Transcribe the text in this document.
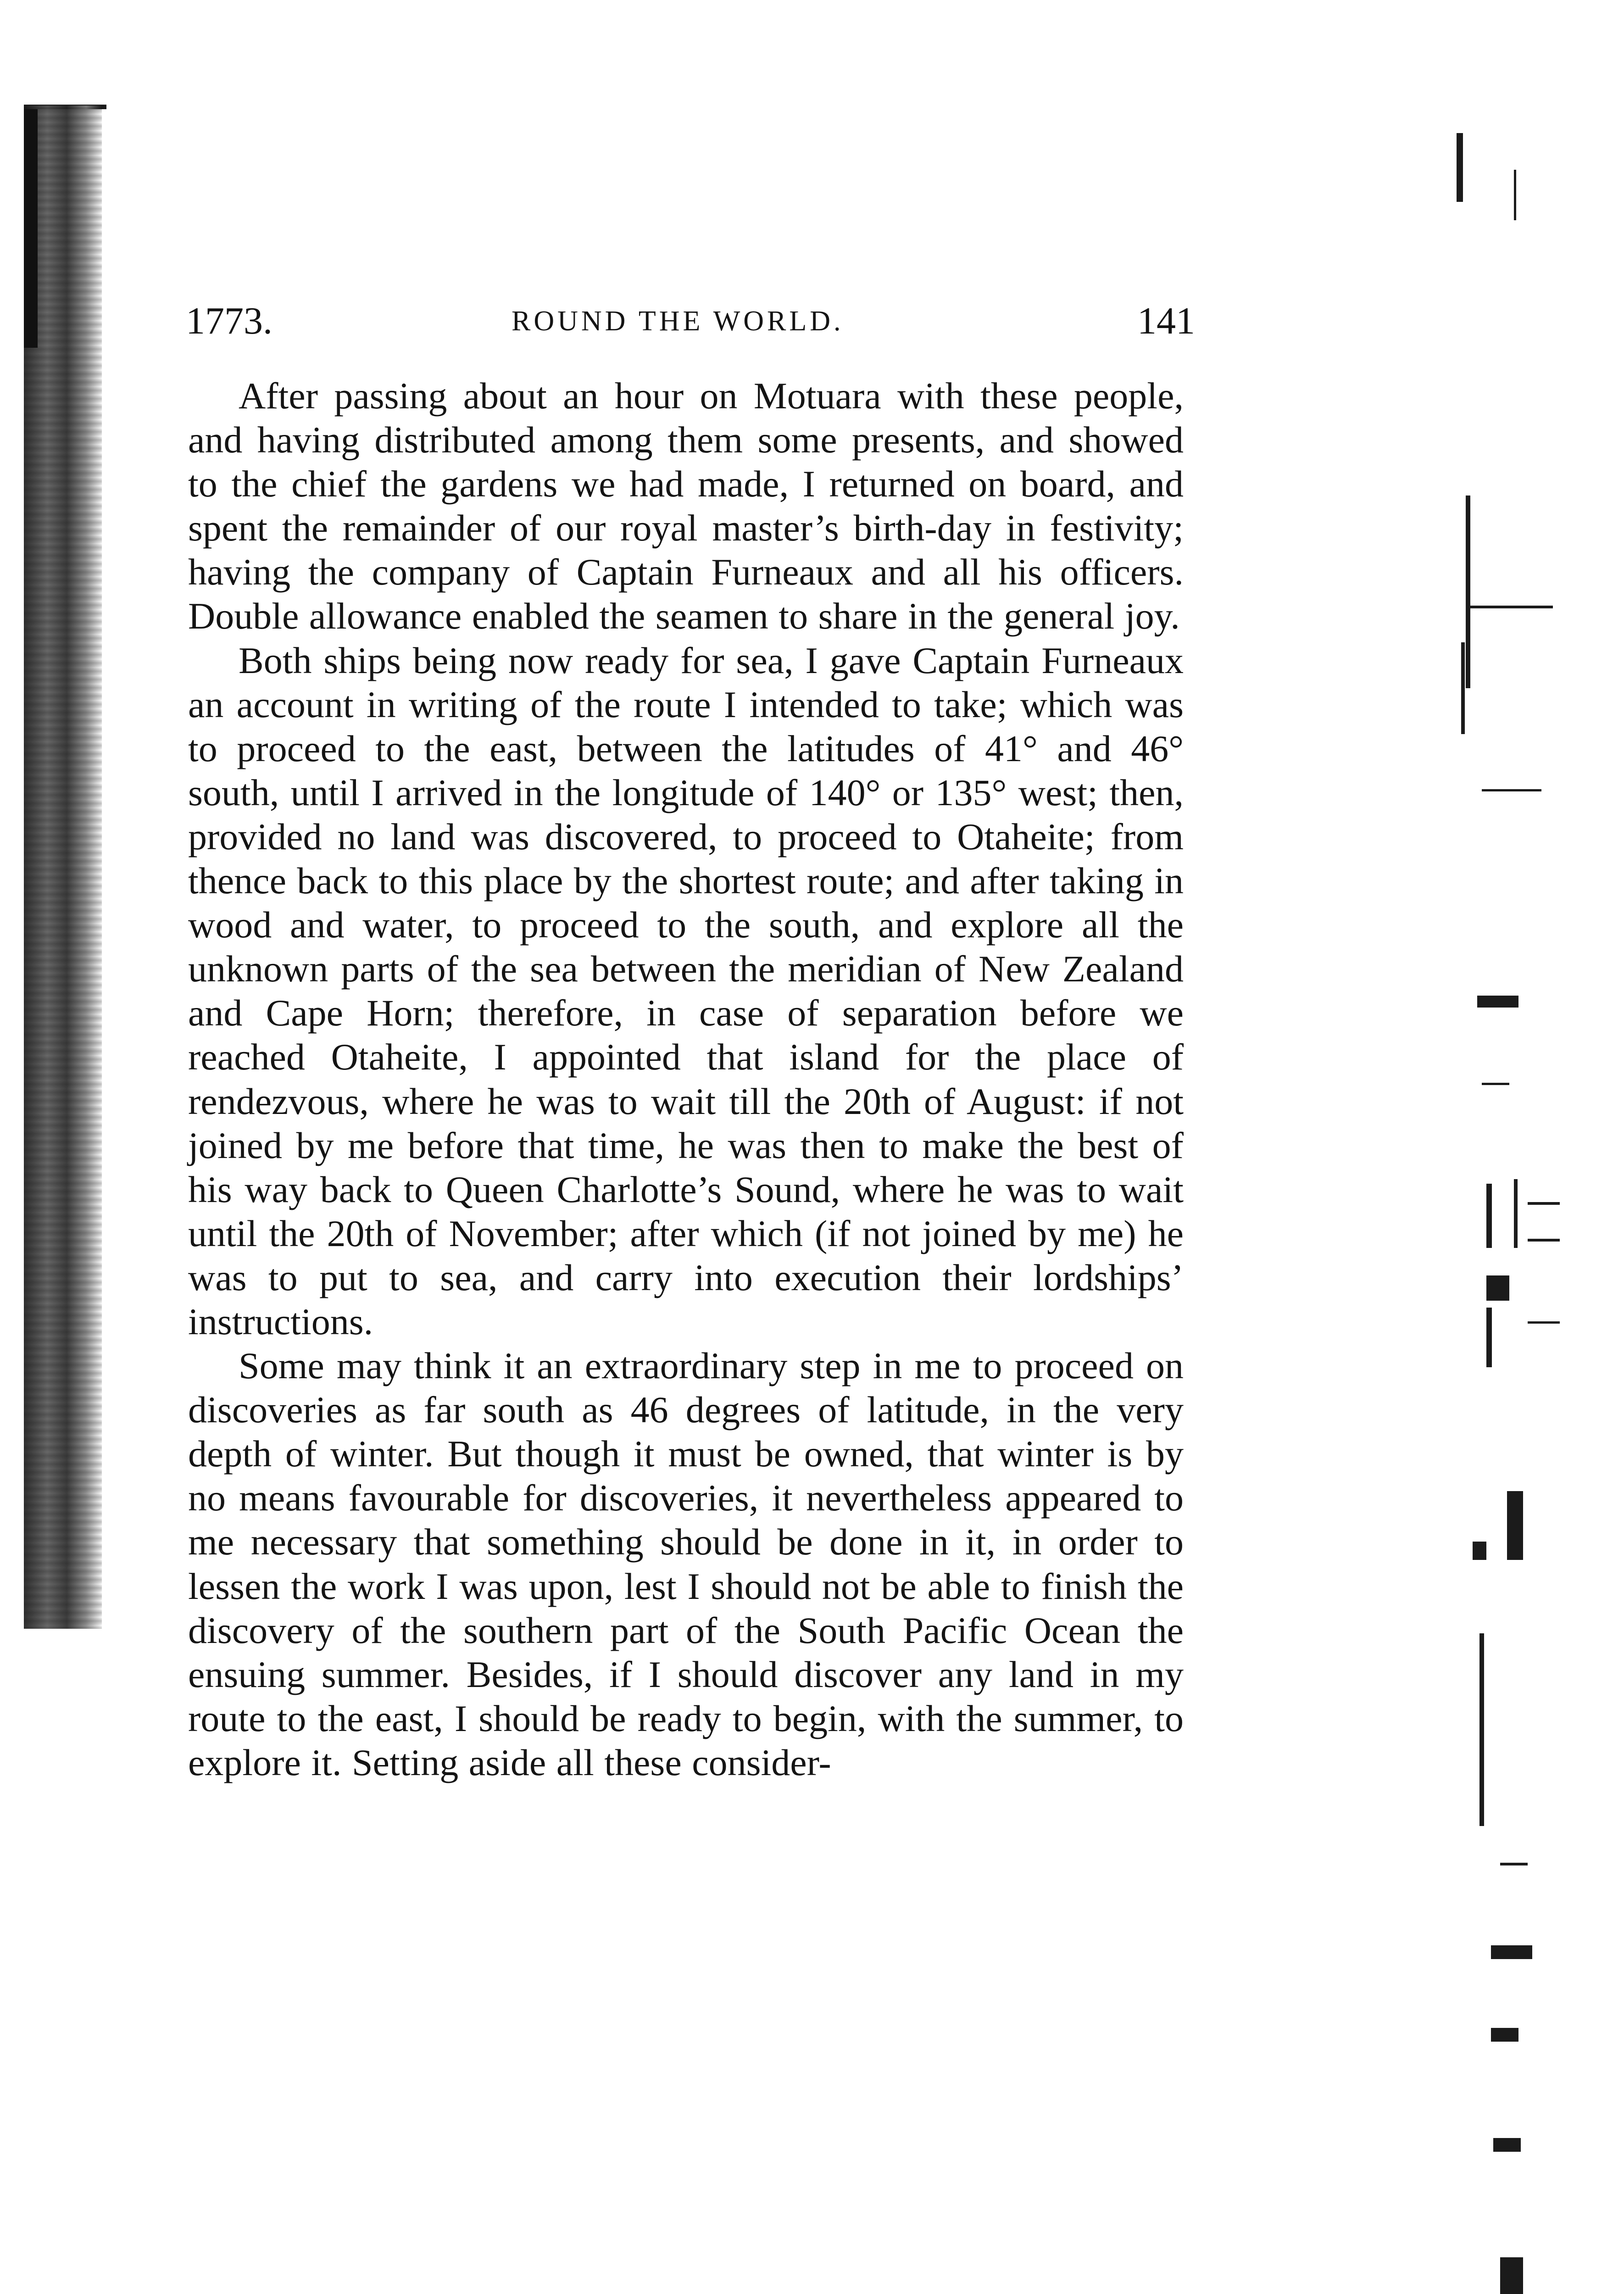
1773.	ROUND THE WORLD.	141

After passing about an hour on Motuara with these people, and having distributed among them some presents, and showed to the chief the gardens we had made, I returned on board, and spent the remainder of our royal master’s birth-day in festivity; having the company of Captain Furneaux and all his officers. Double allowance enabled the seamen to share in the general joy.

Both ships being now ready for sea, I gave Captain Furneaux an account in writing of the route I intended to take; which was to proceed to the east, between the latitudes of 41° and 46° south, until I arrived in the longitude of 140° or 135° west; then, provided no land was discovered, to proceed to Otaheite; from thence back to this place by the shortest route; and after taking in wood and water, to proceed to the south, and explore all the unknown parts of the sea between the meridian of New Zealand and Cape Horn; therefore, in case of separation before we reached Otaheite, I appointed that island for the place of rendezvous, where he was to wait till the 20th of August: if not joined by me before that time, he was then to make the best of his way back to Queen Charlotte’s Sound, where he was to wait until the 20th of November; after which (if not joined by me) he was to put to sea, and carry into execution their lordships’ instructions.

Some may think it an extraordinary step in me to proceed on discoveries as far south as 46 degrees of latitude, in the very depth of winter. But though it must be owned, that winter is by no means favourable for discoveries, it nevertheless appeared to me necessary that something should be done in it, in order to lessen the work I was upon, lest I should not be able to finish the discovery of the southern part of the South Pacific Ocean the ensuing summer. Besides, if I should discover any land in my route to the east, I should be ready to begin, with the summer, to explore it. Setting aside all these consider-
